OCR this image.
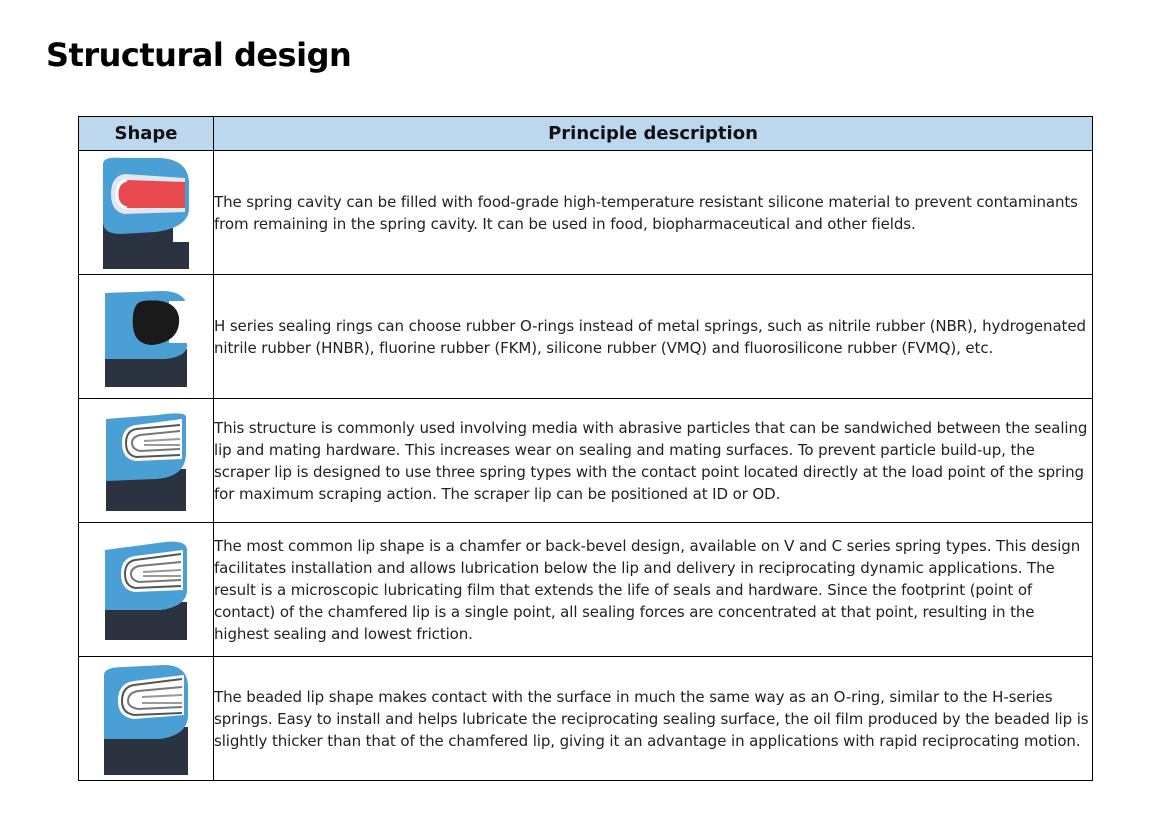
Structural design
Shape	Principle description

	The spring cavity can be filled with food-grade high-temperature resistant silicone material to prevent contaminants from remaining in the spring cavity. It can be used in food, biopharmaceutical and other fields.

	H series sealing rings can choose rubber O-rings instead of metal springs, such as nitrile rubber (NBR), hydrogenated nitrile rubber (HNBR), fluorine rubber (FKM), silicone rubber (VMQ) and fluorosilicone rubber (FVMQ), etc.

	This structure is commonly used involving media with abrasive particles that can be sandwiched between the sealing lip and mating hardware. This increases wear on sealing and mating surfaces. To prevent particle build-up, the scraper lip is designed to use three spring types with the contact point located directly at the load point of the spring for maximum scraping action. The scraper lip can be positioned at ID or OD.

	The most common lip shape is a chamfer or back-bevel design, available on V and C series spring types. This design facilitates installation and allows lubrication below the lip and delivery in reciprocating dynamic applications. The result is a microscopic lubricating film that extends the life of seals and hardware. Since the footprint (point of contact) of the chamfered lip is a single point, all sealing forces are concentrated at that point, resulting in the highest sealing and lowest friction.

	The beaded lip shape makes contact with the surface in much the same way as an O-ring, similar to the H-series springs. Easy to install and helps lubricate the reciprocating sealing surface, the oil film produced by the beaded lip is slightly thicker than that of the chamfered lip, giving it an advantage in applications with rapid reciprocating motion.
